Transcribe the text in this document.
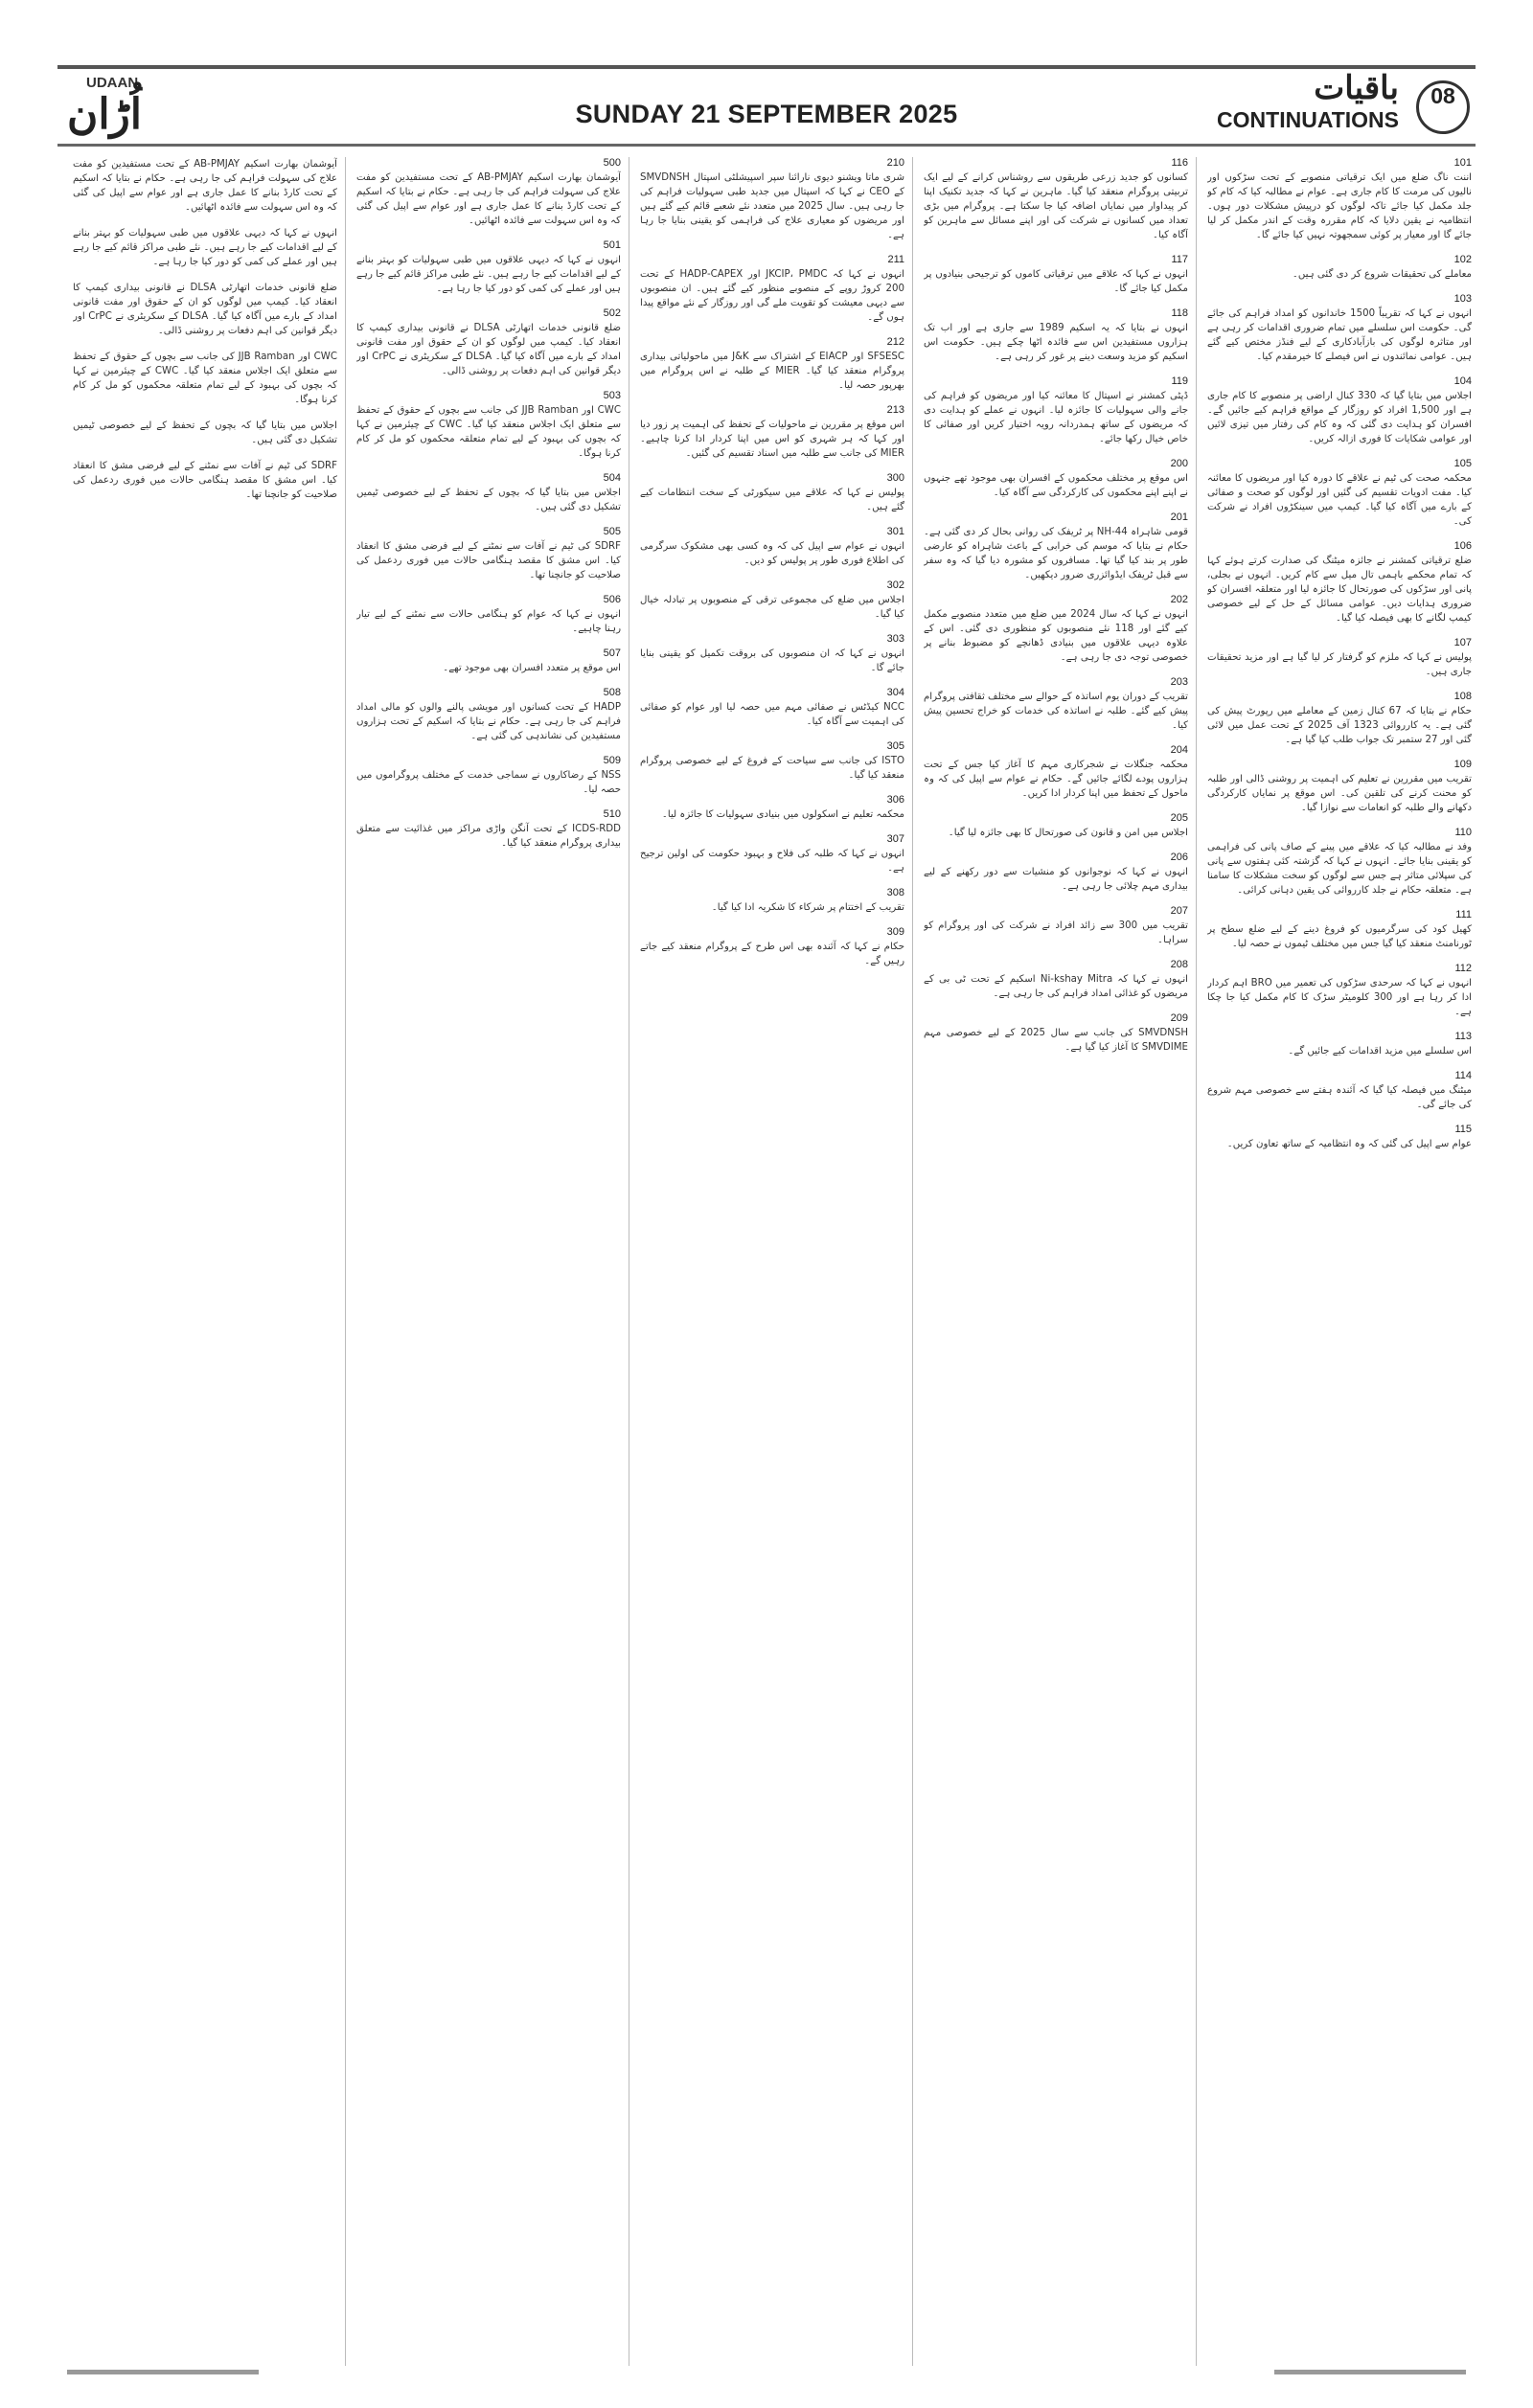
UDAAN
اُڑان	SUNDAY 21 SEPTEMBER 2025
باقیات
CONTINUATIONS
08
101

اننت ناگ ضلع میں ایک ترقیاتی منصوبے کے تحت سڑکوں اور نالیوں کی مرمت کا کام جاری ہے۔ عوام نے مطالبہ کیا کہ کام کو جلد مکمل کیا جائے تاکہ لوگوں کو درپیش مشکلات دور ہوں۔ انتظامیہ نے یقین دلایا کہ کام مقررہ وقت کے اندر مکمل کر لیا جائے گا اور معیار پر کوئی سمجھوتہ نہیں کیا جائے گا۔

102

معاملے کی تحقیقات شروع کر دی گئی ہیں۔

103

انہوں نے کہا کہ تقریباً 1500 خاندانوں کو امداد فراہم کی جائے گی۔ حکومت اس سلسلے میں تمام ضروری اقدامات کر رہی ہے اور متاثرہ لوگوں کی بازآبادکاری کے لیے فنڈز مختص کیے گئے ہیں۔ عوامی نمائندوں نے اس فیصلے کا خیرمقدم کیا۔

104

اجلاس میں بتایا گیا کہ 330 کنال اراضی پر منصوبے کا کام جاری ہے اور 1,500 افراد کو روزگار کے مواقع فراہم کیے جائیں گے۔ افسران کو ہدایت دی گئی کہ وہ کام کی رفتار میں تیزی لائیں اور عوامی شکایات کا فوری ازالہ کریں۔

105

محکمہ صحت کی ٹیم نے علاقے کا دورہ کیا اور مریضوں کا معائنہ کیا۔ مفت ادویات تقسیم کی گئیں اور لوگوں کو صحت و صفائی کے بارے میں آگاہ کیا گیا۔ کیمپ میں سینکڑوں افراد نے شرکت کی۔

106

ضلع ترقیاتی کمشنر نے جائزہ میٹنگ کی صدارت کرتے ہوئے کہا کہ تمام محکمے باہمی تال میل سے کام کریں۔ انہوں نے بجلی، پانی اور سڑکوں کی صورتحال کا جائزہ لیا اور متعلقہ افسران کو ضروری ہدایات دیں۔ عوامی مسائل کے حل کے لیے خصوصی کیمپ لگانے کا بھی فیصلہ کیا گیا۔

107

پولیس نے کہا کہ ملزم کو گرفتار کر لیا گیا ہے اور مزید تحقیقات جاری ہیں۔

108

حکام نے بتایا کہ 67 کنال زمین کے معاملے میں رپورٹ پیش کی گئی ہے۔ یہ کارروائی 1323 آف 2025 کے تحت عمل میں لائی گئی اور 27 ستمبر تک جواب طلب کیا گیا ہے۔

109

تقریب میں مقررین نے تعلیم کی اہمیت پر روشنی ڈالی اور طلبہ کو محنت کرنے کی تلقین کی۔ اس موقع پر نمایاں کارکردگی دکھانے والے طلبہ کو انعامات سے نوازا گیا۔

110

وفد نے مطالبہ کیا کہ علاقے میں پینے کے صاف پانی کی فراہمی کو یقینی بنایا جائے۔ انہوں نے کہا کہ گزشتہ کئی ہفتوں سے پانی کی سپلائی متاثر ہے جس سے لوگوں کو سخت مشکلات کا سامنا ہے۔ متعلقہ حکام نے جلد کارروائی کی یقین دہانی کرائی۔

111

کھیل کود کی سرگرمیوں کو فروغ دینے کے لیے ضلع سطح پر ٹورنامنٹ منعقد کیا گیا جس میں مختلف ٹیموں نے حصہ لیا۔

112

انہوں نے کہا کہ سرحدی سڑکوں کی تعمیر میں BRO اہم کردار ادا کر رہا ہے اور 300 کلومیٹر سڑک کا کام مکمل کیا جا چکا ہے۔

113

اس سلسلے میں مزید اقدامات کیے جائیں گے۔

114

میٹنگ میں فیصلہ کیا گیا کہ آئندہ ہفتے سے خصوصی مہم شروع کی جائے گی۔

115

عوام سے اپیل کی گئی کہ وہ انتظامیہ کے ساتھ تعاون کریں۔

116

کسانوں کو جدید زرعی طریقوں سے روشناس کرانے کے لیے ایک تربیتی پروگرام منعقد کیا گیا۔ ماہرین نے کہا کہ جدید تکنیک اپنا کر پیداوار میں نمایاں اضافہ کیا جا سکتا ہے۔ پروگرام میں بڑی تعداد میں کسانوں نے شرکت کی اور اپنے مسائل سے ماہرین کو آگاہ کیا۔

117

انہوں نے کہا کہ علاقے میں ترقیاتی کاموں کو ترجیحی بنیادوں پر مکمل کیا جائے گا۔

118

انہوں نے بتایا کہ یہ اسکیم 1989 سے جاری ہے اور اب تک ہزاروں مستفیدین اس سے فائدہ اٹھا چکے ہیں۔ حکومت اس اسکیم کو مزید وسعت دینے پر غور کر رہی ہے۔

119

ڈپٹی کمشنر نے اسپتال کا معائنہ کیا اور مریضوں کو فراہم کی جانے والی سہولیات کا جائزہ لیا۔ انہوں نے عملے کو ہدایت دی کہ مریضوں کے ساتھ ہمدردانہ رویہ اختیار کریں اور صفائی کا خاص خیال رکھا جائے۔

200

اس موقع پر مختلف محکموں کے افسران بھی موجود تھے جنہوں نے اپنے اپنے محکموں کی کارکردگی سے آگاہ کیا۔

201

قومی شاہراہ NH-44 پر ٹریفک کی روانی بحال کر دی گئی ہے۔ حکام نے بتایا کہ موسم کی خرابی کے باعث شاہراہ کو عارضی طور پر بند کیا گیا تھا۔ مسافروں کو مشورہ دیا گیا کہ وہ سفر سے قبل ٹریفک ایڈوائزری ضرور دیکھیں۔

202

انہوں نے کہا کہ سال 2024 میں ضلع میں متعدد منصوبے مکمل کیے گئے اور 118 نئے منصوبوں کو منظوری دی گئی۔ اس کے علاوہ دیہی علاقوں میں بنیادی ڈھانچے کو مضبوط بنانے پر خصوصی توجہ دی جا رہی ہے۔

203

تقریب کے دوران یوم اساتذہ کے حوالے سے مختلف ثقافتی پروگرام پیش کیے گئے۔ طلبہ نے اساتذہ کی خدمات کو خراج تحسین پیش کیا۔

204

محکمہ جنگلات نے شجرکاری مہم کا آغاز کیا جس کے تحت ہزاروں پودے لگائے جائیں گے۔ حکام نے عوام سے اپیل کی کہ وہ ماحول کے تحفظ میں اپنا کردار ادا کریں۔

205

اجلاس میں امن و قانون کی صورتحال کا بھی جائزہ لیا گیا۔

206

انہوں نے کہا کہ نوجوانوں کو منشیات سے دور رکھنے کے لیے بیداری مہم چلائی جا رہی ہے۔

207

تقریب میں 300 سے زائد افراد نے شرکت کی اور پروگرام کو سراہا۔

208

انہوں نے کہا کہ Ni-kshay Mitra اسکیم کے تحت ٹی بی کے مریضوں کو غذائی امداد فراہم کی جا رہی ہے۔

209

SMVDNSH کی جانب سے سال 2025 کے لیے خصوصی مہم SMVDIME کا آغاز کیا گیا ہے۔

210

شری ماتا ویشنو دیوی نارائنا سپر اسپیشلٹی اسپتال SMVDNSH کے CEO نے کہا کہ اسپتال میں جدید طبی سہولیات فراہم کی جا رہی ہیں۔ سال 2025 میں متعدد نئے شعبے قائم کیے گئے ہیں اور مریضوں کو معیاری علاج کی فراہمی کو یقینی بنایا جا رہا ہے۔

211

انہوں نے کہا کہ JKCIP، PMDC اور HADP-CAPEX کے تحت 200 کروڑ روپے کے منصوبے منظور کیے گئے ہیں۔ ان منصوبوں سے دیہی معیشت کو تقویت ملے گی اور روزگار کے نئے مواقع پیدا ہوں گے۔

212

SFSESC اور EIACP کے اشتراک سے J&K میں ماحولیاتی بیداری پروگرام منعقد کیا گیا۔ MIER کے طلبہ نے اس پروگرام میں بھرپور حصہ لیا۔

213

اس موقع پر مقررین نے ماحولیات کے تحفظ کی اہمیت پر زور دیا اور کہا کہ ہر شہری کو اس میں اپنا کردار ادا کرنا چاہیے۔ MIER کی جانب سے طلبہ میں اسناد تقسیم کی گئیں۔

300

پولیس نے کہا کہ علاقے میں سیکورٹی کے سخت انتظامات کیے گئے ہیں۔

301

انہوں نے عوام سے اپیل کی کہ وہ کسی بھی مشکوک سرگرمی کی اطلاع فوری طور پر پولیس کو دیں۔

302

اجلاس میں ضلع کی مجموعی ترقی کے منصوبوں پر تبادلہ خیال کیا گیا۔

303

انہوں نے کہا کہ ان منصوبوں کی بروقت تکمیل کو یقینی بنایا جائے گا۔

304

NCC کیڈٹس نے صفائی مہم میں حصہ لیا اور عوام کو صفائی کی اہمیت سے آگاہ کیا۔

305

ISTO کی جانب سے سیاحت کے فروغ کے لیے خصوصی پروگرام منعقد کیا گیا۔

306

محکمہ تعلیم نے اسکولوں میں بنیادی سہولیات کا جائزہ لیا۔

307

انہوں نے کہا کہ طلبہ کی فلاح و بہبود حکومت کی اولین ترجیح ہے۔

308

تقریب کے اختتام پر شرکاء کا شکریہ ادا کیا گیا۔

309

حکام نے کہا کہ آئندہ بھی اس طرح کے پروگرام منعقد کیے جاتے رہیں گے۔

500

آیوشمان بھارت اسکیم AB-PMJAY کے تحت مستفیدین کو مفت علاج کی سہولت فراہم کی جا رہی ہے۔ حکام نے بتایا کہ اسکیم کے تحت کارڈ بنانے کا عمل جاری ہے اور عوام سے اپیل کی گئی کہ وہ اس سہولت سے فائدہ اٹھائیں۔

501

انہوں نے کہا کہ دیہی علاقوں میں طبی سہولیات کو بہتر بنانے کے لیے اقدامات کیے جا رہے ہیں۔ نئے طبی مراکز قائم کیے جا رہے ہیں اور عملے کی کمی کو دور کیا جا رہا ہے۔

502

ضلع قانونی خدمات اتھارٹی DLSA نے قانونی بیداری کیمپ کا انعقاد کیا۔ کیمپ میں لوگوں کو ان کے حقوق اور مفت قانونی امداد کے بارے میں آگاہ کیا گیا۔ DLSA کے سکریٹری نے CrPC اور دیگر قوانین کی اہم دفعات پر روشنی ڈالی۔

503

CWC اور JJB Ramban کی جانب سے بچوں کے حقوق کے تحفظ سے متعلق ایک اجلاس منعقد کیا گیا۔ CWC کے چیئرمین نے کہا کہ بچوں کی بہبود کے لیے تمام متعلقہ محکموں کو مل کر کام کرنا ہوگا۔

504

اجلاس میں بتایا گیا کہ بچوں کے تحفظ کے لیے خصوصی ٹیمیں تشکیل دی گئی ہیں۔

505

SDRF کی ٹیم نے آفات سے نمٹنے کے لیے فرضی مشق کا انعقاد کیا۔ اس مشق کا مقصد ہنگامی حالات میں فوری ردعمل کی صلاحیت کو جانچنا تھا۔

506

انہوں نے کہا کہ عوام کو ہنگامی حالات سے نمٹنے کے لیے تیار رہنا چاہیے۔

507

اس موقع پر متعدد افسران بھی موجود تھے۔

508

HADP کے تحت کسانوں اور مویشی پالنے والوں کو مالی امداد فراہم کی جا رہی ہے۔ حکام نے بتایا کہ اسکیم کے تحت ہزاروں مستفیدین کی نشاندہی کی گئی ہے۔

509

NSS کے رضاکاروں نے سماجی خدمت کے مختلف پروگراموں میں حصہ لیا۔

510

ICDS-RDD کے تحت آنگن واڑی مراکز میں غذائیت سے متعلق بیداری پروگرام منعقد کیا گیا۔

آیوشمان بھارت اسکیم AB-PMJAY کے تحت مستفیدین کو مفت علاج کی سہولت فراہم کی جا رہی ہے۔ حکام نے بتایا کہ اسکیم کے تحت کارڈ بنانے کا عمل جاری ہے اور عوام سے اپیل کی گئی کہ وہ اس سہولت سے فائدہ اٹھائیں۔

انہوں نے کہا کہ دیہی علاقوں میں طبی سہولیات کو بہتر بنانے کے لیے اقدامات کیے جا رہے ہیں۔ نئے طبی مراکز قائم کیے جا رہے ہیں اور عملے کی کمی کو دور کیا جا رہا ہے۔

ضلع قانونی خدمات اتھارٹی DLSA نے قانونی بیداری کیمپ کا انعقاد کیا۔ کیمپ میں لوگوں کو ان کے حقوق اور مفت قانونی امداد کے بارے میں آگاہ کیا گیا۔ DLSA کے سکریٹری نے CrPC اور دیگر قوانین کی اہم دفعات پر روشنی ڈالی۔

CWC اور JJB Ramban کی جانب سے بچوں کے حقوق کے تحفظ سے متعلق ایک اجلاس منعقد کیا گیا۔ CWC کے چیئرمین نے کہا کہ بچوں کی بہبود کے لیے تمام متعلقہ محکموں کو مل کر کام کرنا ہوگا۔

اجلاس میں بتایا گیا کہ بچوں کے تحفظ کے لیے خصوصی ٹیمیں تشکیل دی گئی ہیں۔

SDRF کی ٹیم نے آفات سے نمٹنے کے لیے فرضی مشق کا انعقاد کیا۔ اس مشق کا مقصد ہنگامی حالات میں فوری ردعمل کی صلاحیت کو جانچنا تھا۔
